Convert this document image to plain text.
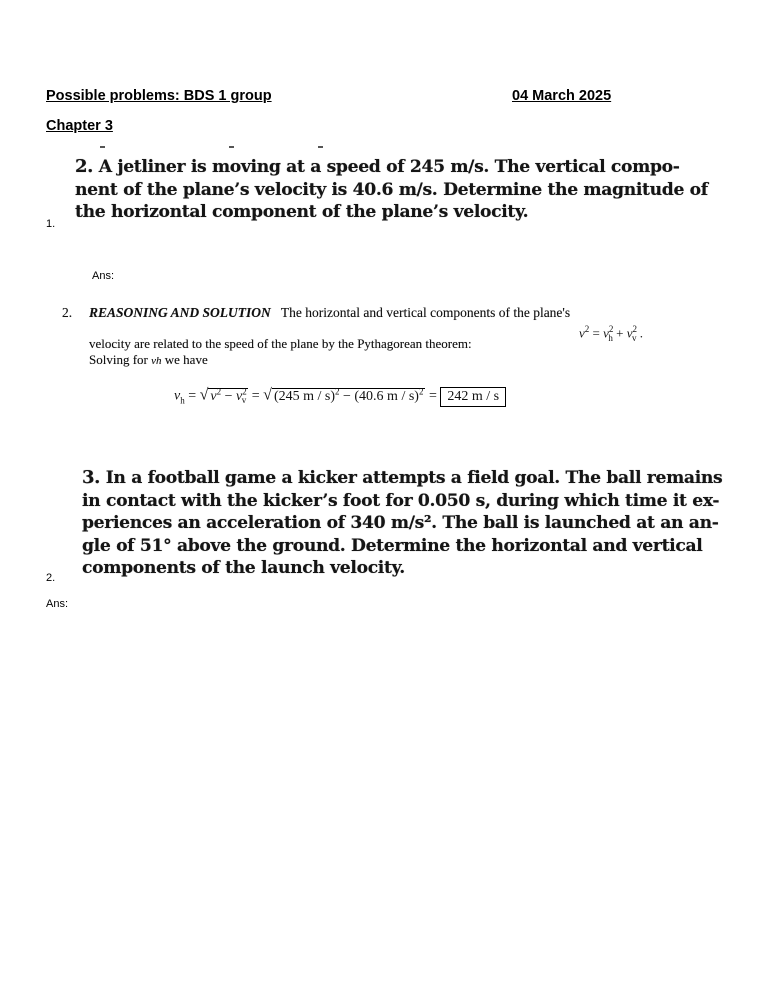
Possible problems: BDS 1 group	04 March 2025
Chapter 3
1.

2. A jetliner is moving at a speed of 245 m/s. The vertical compo-

nent of the plane’s velocity is 40.6 m/s. Determine the magnitude of

the horizontal component of the plane’s velocity.

Ans:
2. REASONING AND SOLUTION The horizontal and vertical components of the plane's
velocity are related to the speed of the plane by the Pythagorean theorem:
$v^2 = v^2_h + v^2_v$ .
Solving for vh we have
$v_h$ = √ $v^2 - v^2_v$ = √ (245 m / s)$^2$ − (40.6 m / s)$^2$ = 242 m / s

3. In a football game a kicker attempts a field goal. The ball remains

in contact with the kicker’s foot for 0.050 s, during which time it ex-

periences an acceleration of 340 m/s². The ball is launched at an an-

gle of 51° above the ground. Determine the horizontal and vertical

components of the launch velocity.

2.
Ans:
